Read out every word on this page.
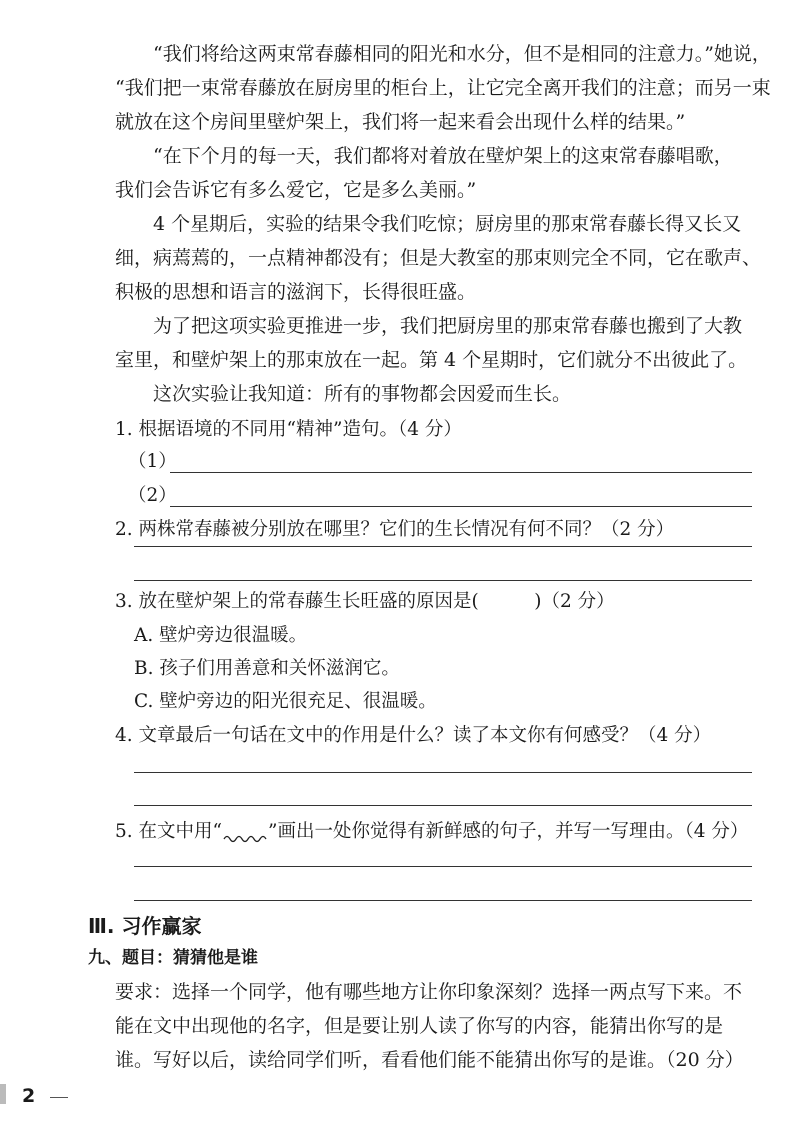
“我们将给这两束常春藤相同的阳光和水分，但不是相同的注意力。”她说，
“我们把一束常春藤放在厨房里的柜台上，让它完全离开我们的注意；而另一束
就放在这个房间里壁炉架上，我们将一起来看会出现什么样的结果。”
“在下个月的每一天，我们都将对着放在壁炉架上的这束常春藤唱歌，
我们会告诉它有多么爱它，它是多么美丽。”
4 个星期后，实验的结果令我们吃惊；厨房里的那束常春藤长得又长又
细，病蔫蔫的，一点精神都没有；但是大教室的那束则完全不同，它在歌声、
积极的思想和语言的滋润下，长得很旺盛。
为了把这项实验更推进一步，我们把厨房里的那束常春藤也搬到了大教
室里，和壁炉架上的那束放在一起。第 4 个星期时，它们就分不出彼此了。
这次实验让我知道：所有的事物都会因爱而生长。
1. 根据语境的不同用“精神”造句。（4 分）
（1）
（2）
2. 两株常春藤被分别放在哪里？它们的生长情况有何不同？（2 分）
3. 放在壁炉架上的常春藤生长旺盛的原因是(　　　)（2 分）
A. 壁炉旁边很温暖。
B. 孩子们用善意和关怀滋润它。
C. 壁炉旁边的阳光很充足、很温暖。
4. 文章最后一句话在文中的作用是什么？读了本文你有何感受？（4 分）
5. 在文中用“ ”画出一处你觉得有新鲜感的句子，并写一写理由。（4 分）
Ⅲ. 习作赢家
九、题目：猜猜他是谁
要求：选择一个同学，他有哪些地方让你印象深刻？选择一两点写下来。不
能在文中出现他的名字，但是要让别人读了你写的内容，能猜出你写的是
谁。写好以后，读给同学们听，看看他们能不能猜出你写的是谁。（20 分）
2
